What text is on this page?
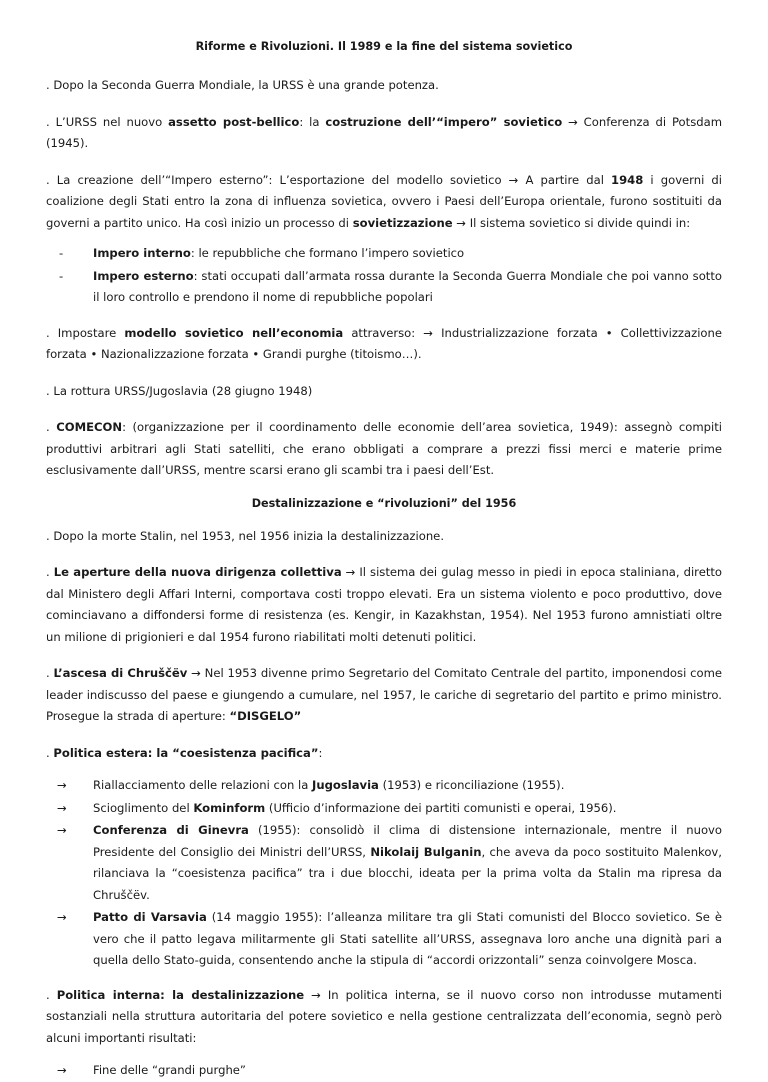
Riforme e Rivoluzioni. Il 1989 e la fine del sistema sovietico

. Dopo la Seconda Guerra Mondiale, la URSS è una grande potenza.

. L’URSS nel nuovo assetto post-bellico: la costruzione dell’“impero” sovietico → Conferenza di Potsdam (1945).

. La creazione dell’“Impero esterno”: L’esportazione del modello sovietico → A partire dal 1948 i governi di coalizione degli Stati entro la zona di influenza sovietica, ovvero i Paesi dell’Europa orientale, furono sostituiti da governi a partito unico. Ha così inizio un processo di sovietizzazione → Il sistema sovietico si divide quindi in:

-	Impero interno: le repubbliche che formano l’impero sovietico
-	Impero esterno: stati occupati dall’armata rossa durante la Seconda Guerra Mondiale che poi vanno sotto il loro controllo e prendono il nome di repubbliche popolari

. Impostare modello sovietico nell’economia attraverso: → Industrializzazione forzata • Collettivizzazione forzata • Nazionalizzazione forzata • Grandi purghe (titoismo…).

. La rottura URSS/Jugoslavia (28 giugno 1948)

. COMECON: (organizzazione per il coordinamento delle economie dell’area sovietica, 1949): assegnò compiti produttivi arbitrari agli Stati satelliti, che erano obbligati a comprare a prezzi fissi merci e materie prime esclusivamente dall’URSS, mentre scarsi erano gli scambi tra i paesi dell’Est.

Destalinizzazione e “rivoluzioni” del 1956

. Dopo la morte Stalin, nel 1953, nel 1956 inizia la destalinizzazione.

. Le aperture della nuova dirigenza collettiva → Il sistema dei gulag messo in piedi in epoca staliniana, diretto dal Ministero degli Affari Interni, comportava costi troppo elevati. Era un sistema violento e poco produttivo, dove cominciavano a diffondersi forme di resistenza (es. Kengir, in Kazakhstan, 1954). Nel 1953 furono amnistiati oltre un milione di prigionieri e dal 1954 furono riabilitati molti detenuti politici.

. L’ascesa di Chruščëv → Nel 1953 divenne primo Segretario del Comitato Centrale del partito, imponendosi come leader indiscusso del paese e giungendo a cumulare, nel 1957, le cariche di segretario del partito e primo ministro. Prosegue la strada di aperture: “DISGELO”

. Politica estera: la “coesistenza pacifica”:

→ Riallacciamento delle relazioni con la Jugoslavia (1953) e riconciliazione (1955).
→ Scioglimento del Kominform (Ufficio d’informazione dei partiti comunisti e operai, 1956).
→ Conferenza di Ginevra (1955): consolidò il clima di distensione internazionale, mentre il nuovo Presidente del Consiglio dei Ministri dell’URSS, Nikolaij Bulganin, che aveva da poco sostituito Malenkov, rilanciava la “coesistenza pacifica” tra i due blocchi, ideata per la prima volta da Stalin ma ripresa da Chruščëv.
→ Patto di Varsavia (14 maggio 1955): l’alleanza militare tra gli Stati comunisti del Blocco sovietico. Se è vero che il patto legava militarmente gli Stati satellite all’URSS, assegnava loro anche una dignità pari a quella dello Stato-guida, consentendo anche la stipula di “accordi orizzontali” senza coinvolgere Mosca.

. Politica interna: la destalinizzazione → In politica interna, se il nuovo corso non introdusse mutamenti sostanziali nella struttura autoritaria del potere sovietico e nella gestione centralizzata dell’economia, segnò però alcuni importanti risultati:

→ Fine delle “grandi purghe”
